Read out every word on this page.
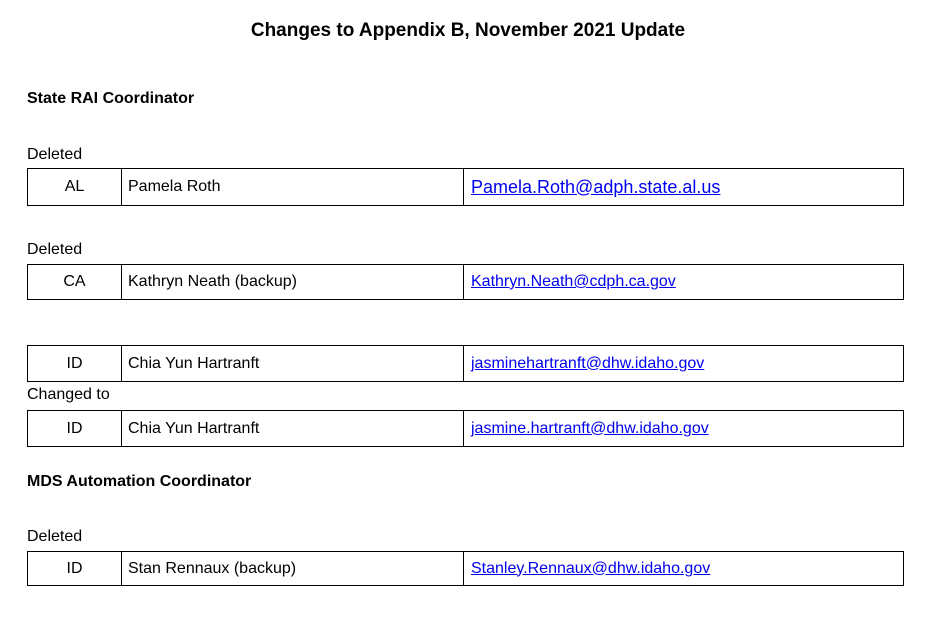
Changes to Appendix B, November 2021 Update
State RAI Coordinator
Deleted
AL	Pamela Roth	Pamela.Roth@adph.state.al.us
Deleted
CA	Kathryn Neath (backup)	Kathryn.Neath@cdph.ca.gov
ID	Chia Yun Hartranft	jasminehartranft@dhw.idaho.gov
Changed to
ID	Chia Yun Hartranft	jasmine.hartranft@dhw.idaho.gov
MDS Automation Coordinator
Deleted
ID	Stan Rennaux (backup)	Stanley.Rennaux@dhw.idaho.gov
